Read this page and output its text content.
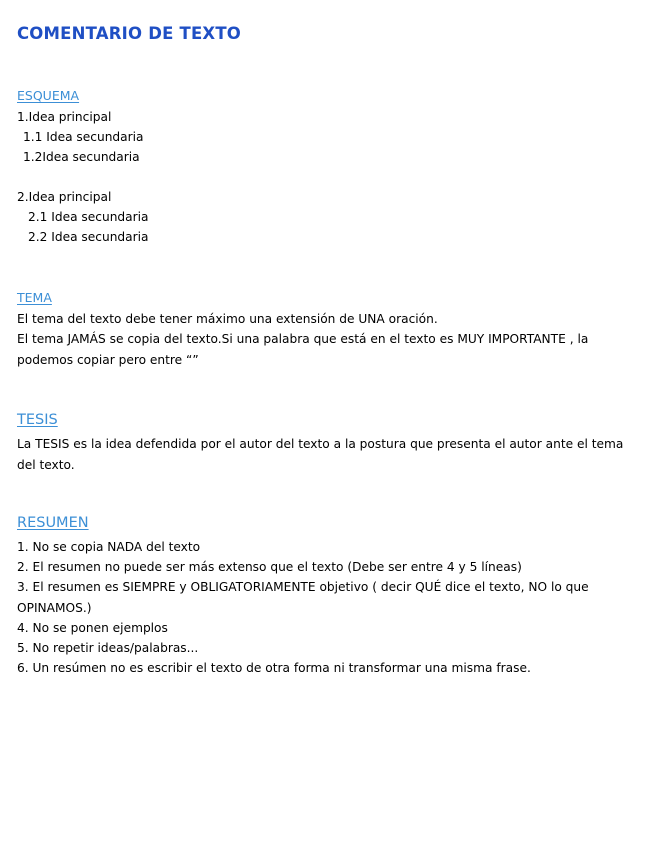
COMENTARIO DE TEXTO
ESQUEMA

1.Idea principal

1.1 Idea secundaria

1.2Idea secundaria

2.Idea principal

2.1 Idea secundaria

2.2 Idea secundaria

TEMA

El tema del texto debe tener máximo una extensión de UNA oración.

El tema JAMÁS se copia del texto.Si una palabra que está en el texto es MUY IMPORTANTE , la podemos copiar pero entre “”

TESIS

La TESIS es la idea defendida por el autor del texto a la postura que presenta el autor ante el tema del texto.

RESUMEN

1. No se copia NADA del texto

2. El resumen no puede ser más extenso que el texto (Debe ser entre 4 y 5 líneas)

3. El resumen es SIEMPRE y OBLIGATORIAMENTE objetivo ( decir QUÉ dice el texto, NO lo que OPINAMOS.)

4. No se ponen ejemplos

5. No repetir ideas/palabras...

6. Un resúmen no es escribir el texto de otra forma ni transformar una misma frase.
